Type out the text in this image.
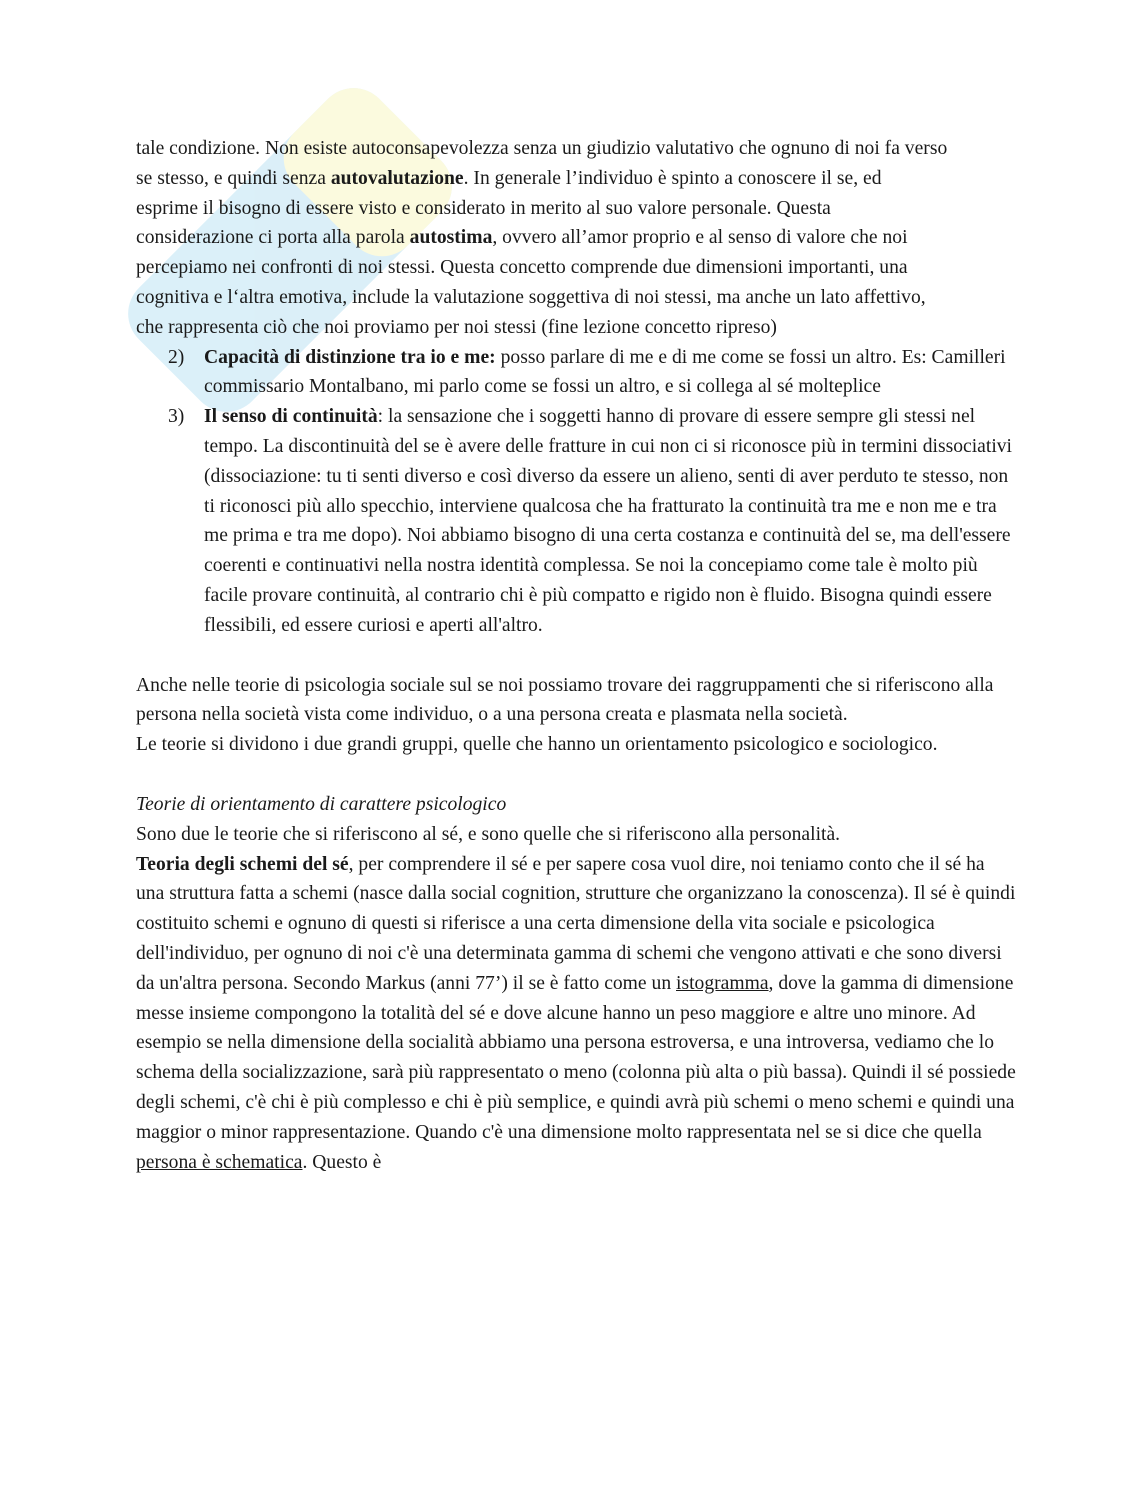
tale condizione. Non esiste autoconsapevolezza senza un giudizio valutativo che ognuno di noi fa verso se stesso, e quindi senza autovalutazione. In generale l’individuo è spinto a conoscere il se, ed esprime il bisogno di essere visto e considerato in merito al suo valore personale. Questa considerazione ci porta alla parola autostima, ovvero all’amor proprio e al senso di valore che noi percepiamo nei confronti di noi stessi. Questa concetto comprende due dimensioni importanti, una cognitiva e l‘altra emotiva, include la valutazione soggettiva di noi stessi, ma anche un lato affettivo, che rappresenta ciò che noi proviamo per noi stessi (fine lezione concetto ripreso)

2) Capacità di distinzione tra io e me: posso parlare di me e di me come se fossi un altro. Es: Camilleri commissario Montalbano, mi parlo come se fossi un altro, e si collega al sé molteplice

3) Il senso di continuità: la sensazione che i soggetti hanno di provare di essere sempre gli stessi nel tempo. La discontinuità del se è avere delle fratture in cui non ci si riconosce più in termini dissociativi (dissociazione: tu ti senti diverso e così diverso da essere un alieno, senti di aver perduto te stesso, non ti riconosci più allo specchio, interviene qualcosa che ha fratturato la continuità tra me e non me e tra me prima e tra me dopo). Noi abbiamo bisogno di una certa costanza e continuità del se, ma dell'essere coerenti e continuativi nella nostra identità complessa. Se noi la concepiamo come tale è molto più facile provare continuità, al contrario chi è più compatto e rigido non è fluido. Bisogna quindi essere flessibili, ed essere curiosi e aperti all'altro.

Anche nelle teorie di psicologia sociale sul se noi possiamo trovare dei raggruppamenti che si riferiscono alla persona nella società vista come individuo, o a una persona creata e plasmata nella società.

Le teorie si dividono i due grandi gruppi, quelle che hanno un orientamento psicologico e sociologico.

Teorie di orientamento di carattere psicologico

Sono due le teorie che si riferiscono al sé, e sono quelle che si riferiscono alla personalità.

Teoria degli schemi del sé, per comprendere il sé e per sapere cosa vuol dire, noi teniamo conto che il sé ha una struttura fatta a schemi (nasce dalla social cognition, strutture che organizzano la conoscenza). Il sé è quindi costituito schemi e ognuno di questi si riferisce a una certa dimensione della vita sociale e psicologica dell'individuo, per ognuno di noi c'è una determinata gamma di schemi che vengono attivati e che sono diversi da un'altra persona. Secondo Markus (anni 77’) il se è fatto come un istogramma, dove la gamma di dimensione messe insieme compongono la totalità del sé e dove alcune hanno un peso maggiore e altre uno minore. Ad esempio se nella dimensione della socialità abbiamo una persona estroversa, e una introversa, vediamo che lo schema della socializzazione, sarà più rappresentato o meno (colonna più alta o più bassa). Quindi il sé possiede degli schemi, c'è chi è più complesso e chi è più semplice, e quindi avrà più schemi o meno schemi e quindi una maggior o minor rappresentazione. Quando c'è una dimensione molto rappresentata nel se si dice che quella persona è schematica. Questo è
